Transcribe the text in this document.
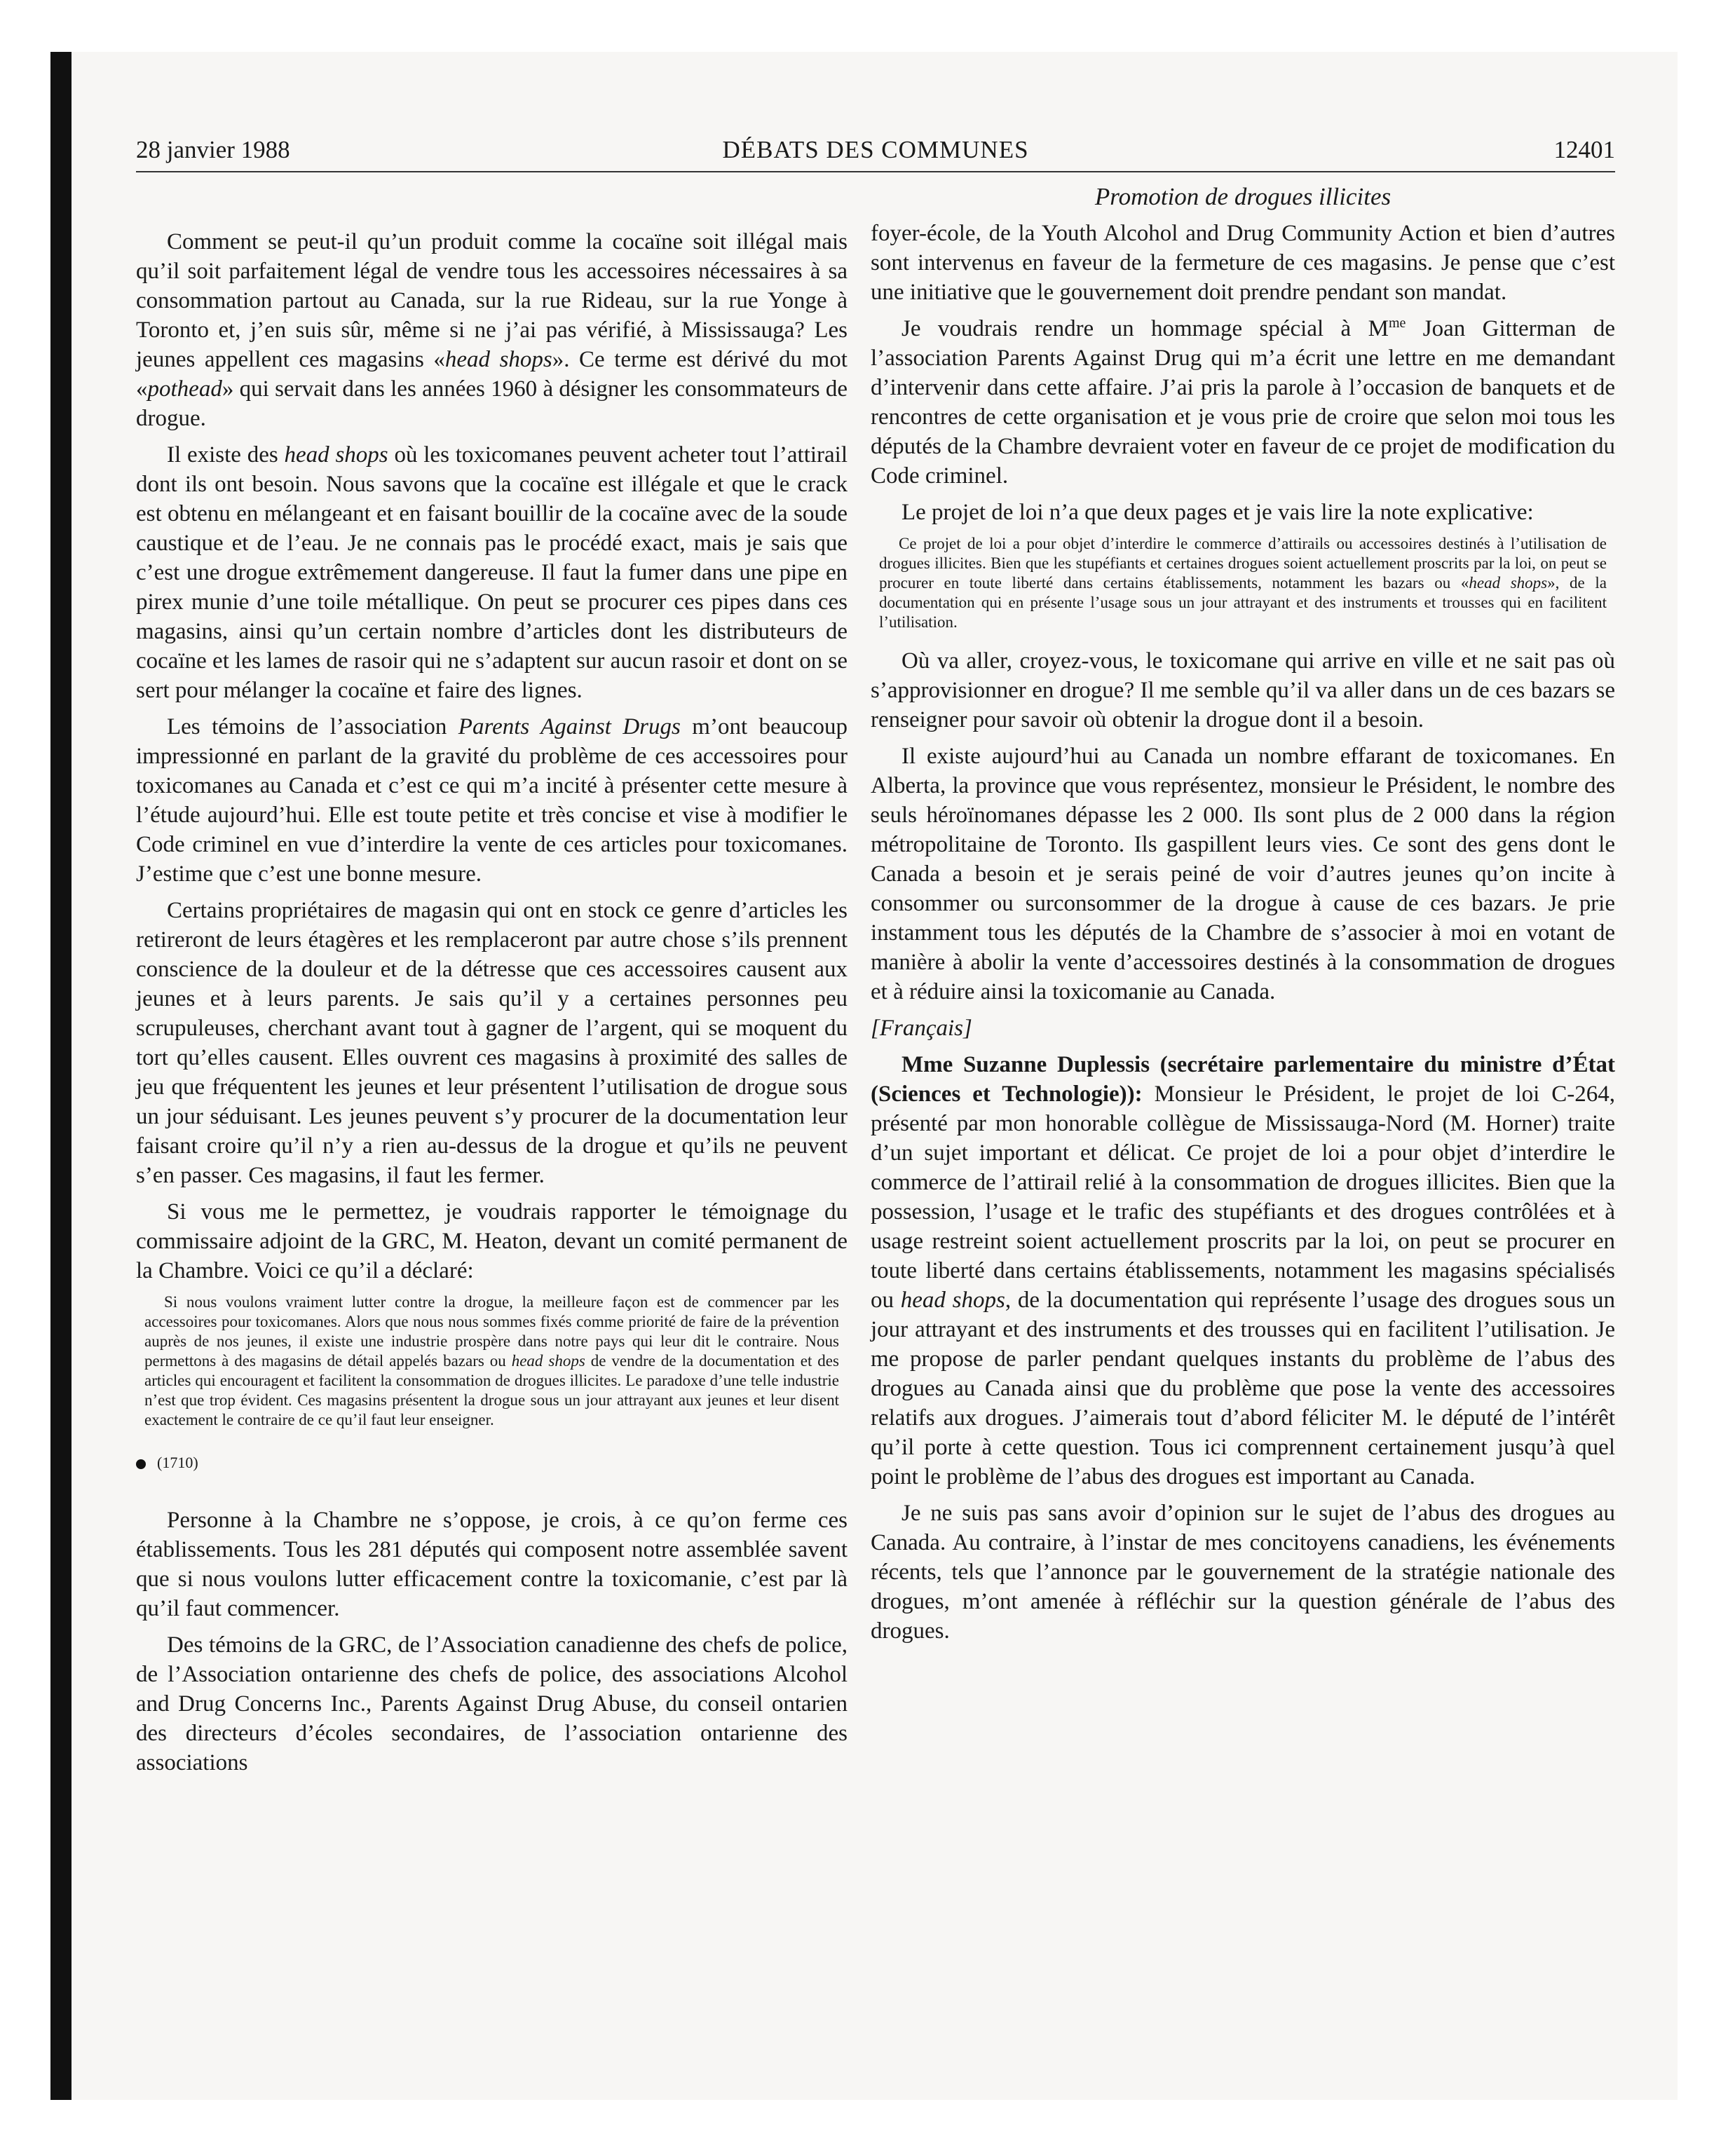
28 janvier 1988	DÉBATS DES COMMUNES	12401
Promotion de drogues illicites

Comment se peut-il qu’un produit comme la cocaïne soit illégal mais qu’il soit parfaitement légal de vendre tous les accessoires nécessaires à sa consommation partout au Canada, sur la rue Rideau, sur la rue Yonge à Toronto et, j’en suis sûr, même si ne j’ai pas vérifié, à Mississauga? Les jeunes appellent ces magasins «head shops». Ce terme est dérivé du mot «pothead» qui servait dans les années 1960 à désigner les consommateurs de drogue.

Il existe des head shops où les toxicomanes peuvent acheter tout l’attirail dont ils ont besoin. Nous savons que la cocaïne est illégale et que le crack est obtenu en mélangeant et en faisant bouillir de la cocaïne avec de la soude caustique et de l’eau. Je ne connais pas le procédé exact, mais je sais que c’est une drogue extrêmement dangereuse. Il faut la fumer dans une pipe en pirex munie d’une toile métallique. On peut se procurer ces pipes dans ces magasins, ainsi qu’un certain nombre d’articles dont les distributeurs de cocaïne et les lames de rasoir qui ne s’adaptent sur aucun rasoir et dont on se sert pour mélanger la cocaïne et faire des lignes.

Les témoins de l’association Parents Against Drugs m’ont beaucoup impressionné en parlant de la gravité du problème de ces accessoires pour toxicomanes au Canada et c’est ce qui m’a incité à présenter cette mesure à l’étude aujourd’hui. Elle est toute petite et très concise et vise à modifier le Code criminel en vue d’interdire la vente de ces articles pour toxicomanes. J’estime que c’est une bonne mesure.

Certains propriétaires de magasin qui ont en stock ce genre d’articles les retireront de leurs étagères et les remplaceront par autre chose s’ils prennent conscience de la douleur et de la détresse que ces accessoires causent aux jeunes et à leurs parents. Je sais qu’il y a certaines personnes peu scrupuleuses, cherchant avant tout à gagner de l’argent, qui se moquent du tort qu’elles causent. Elles ouvrent ces magasins à proximité des salles de jeu que fréquentent les jeunes et leur présentent l’utilisation de drogue sous un jour séduisant. Les jeunes peuvent s’y procurer de la documentation leur faisant croire qu’il n’y a rien au-dessus de la drogue et qu’ils ne peuvent s’en passer. Ces magasins, il faut les fermer.

Si vous me le permettez, je voudrais rapporter le témoignage du commissaire adjoint de la GRC, M. Heaton, devant un comité permanent de la Chambre. Voici ce qu’il a déclaré:

Si nous voulons vraiment lutter contre la drogue, la meilleure façon est de commencer par les accessoires pour toxicomanes. Alors que nous nous sommes fixés comme priorité de faire de la prévention auprès de nos jeunes, il existe une industrie prospère dans notre pays qui leur dit le contraire. Nous permettons à des magasins de détail appelés bazars ou head shops de vendre de la documentation et des articles qui encouragent et facilitent la consommation de drogues illicites. Le paradoxe d’une telle industrie n’est que trop évident. Ces magasins présentent la drogue sous un jour attrayant aux jeunes et leur disent exactement le contraire de ce qu’il faut leur enseigner.

(1710)

Personne à la Chambre ne s’oppose, je crois, à ce qu’on ferme ces établissements. Tous les 281 députés qui composent notre assemblée savent que si nous voulons lutter efficacement contre la toxicomanie, c’est par là qu’il faut commencer.

Des témoins de la GRC, de l’Association canadienne des chefs de police, de l’Association ontarienne des chefs de police, des associations Alcohol and Drug Concerns Inc., Parents Against Drug Abuse, du conseil ontarien des directeurs d’écoles secondaires, de l’association ontarienne des associations

foyer-école, de la Youth Alcohol and Drug Community Action et bien d’autres sont intervenus en faveur de la fermeture de ces magasins. Je pense que c’est une initiative que le gouvernement doit prendre pendant son mandat.

Je voudrais rendre un hommage spécial à $M^{me}$ Joan Gitterman de l’association Parents Against Drug qui m’a écrit une lettre en me demandant d’intervenir dans cette affaire. J’ai pris la parole à l’occasion de banquets et de rencontres de cette organisation et je vous prie de croire que selon moi tous les députés de la Chambre devraient voter en faveur de ce projet de modification du Code criminel.

Le projet de loi n’a que deux pages et je vais lire la note explicative:

Ce projet de loi a pour objet d’interdire le commerce d’attirails ou accessoires destinés à l’utilisation de drogues illicites. Bien que les stupéfiants et certaines drogues soient actuellement proscrits par la loi, on peut se procurer en toute liberté dans certains établissements, notamment les bazars ou «head shops», de la documentation qui en présente l’usage sous un jour attrayant et des instruments et trousses qui en facilitent l’utilisation.

Où va aller, croyez-vous, le toxicomane qui arrive en ville et ne sait pas où s’approvisionner en drogue? Il me semble qu’il va aller dans un de ces bazars se renseigner pour savoir où obtenir la drogue dont il a besoin.

Il existe aujourd’hui au Canada un nombre effarant de toxicomanes. En Alberta, la province que vous représentez, monsieur le Président, le nombre des seuls héroïnomanes dépasse les 2 000. Ils sont plus de 2 000 dans la région métropolitaine de Toronto. Ils gaspillent leurs vies. Ce sont des gens dont le Canada a besoin et je serais peiné de voir d’autres jeunes qu’on incite à consommer ou surconsommer de la drogue à cause de ces bazars. Je prie instamment tous les députés de la Chambre de s’associer à moi en votant de manière à abolir la vente d’accessoires destinés à la consommation de drogues et à réduire ainsi la toxicomanie au Canada.

[Français]

Mme Suzanne Duplessis (secrétaire parlementaire du ministre d’État (Sciences et Technologie)): Monsieur le Président, le projet de loi C-264, présenté par mon honorable collègue de Mississauga-Nord (M. Horner) traite d’un sujet important et délicat. Ce projet de loi a pour objet d’interdire le commerce de l’attirail relié à la consommation de drogues illicites. Bien que la possession, l’usage et le trafic des stupéfiants et des drogues contrôlées et à usage restreint soient actuellement proscrits par la loi, on peut se procurer en toute liberté dans certains établissements, notamment les magasins spécialisés ou head shops, de la documentation qui représente l’usage des drogues sous un jour attrayant et des instruments et des trousses qui en facilitent l’utilisation. Je me propose de parler pendant quelques instants du problème de l’abus des drogues au Canada ainsi que du problème que pose la vente des accessoires relatifs aux drogues. J’aimerais tout d’abord féliciter M. le député de l’intérêt qu’il porte à cette question. Tous ici comprennent certainement jusqu’à quel point le problème de l’abus des drogues est important au Canada.

Je ne suis pas sans avoir d’opinion sur le sujet de l’abus des drogues au Canada. Au contraire, à l’instar de mes concitoyens canadiens, les événements récents, tels que l’annonce par le gouvernement de la stratégie nationale des drogues, m’ont amenée à réfléchir sur la question générale de l’abus des drogues.
